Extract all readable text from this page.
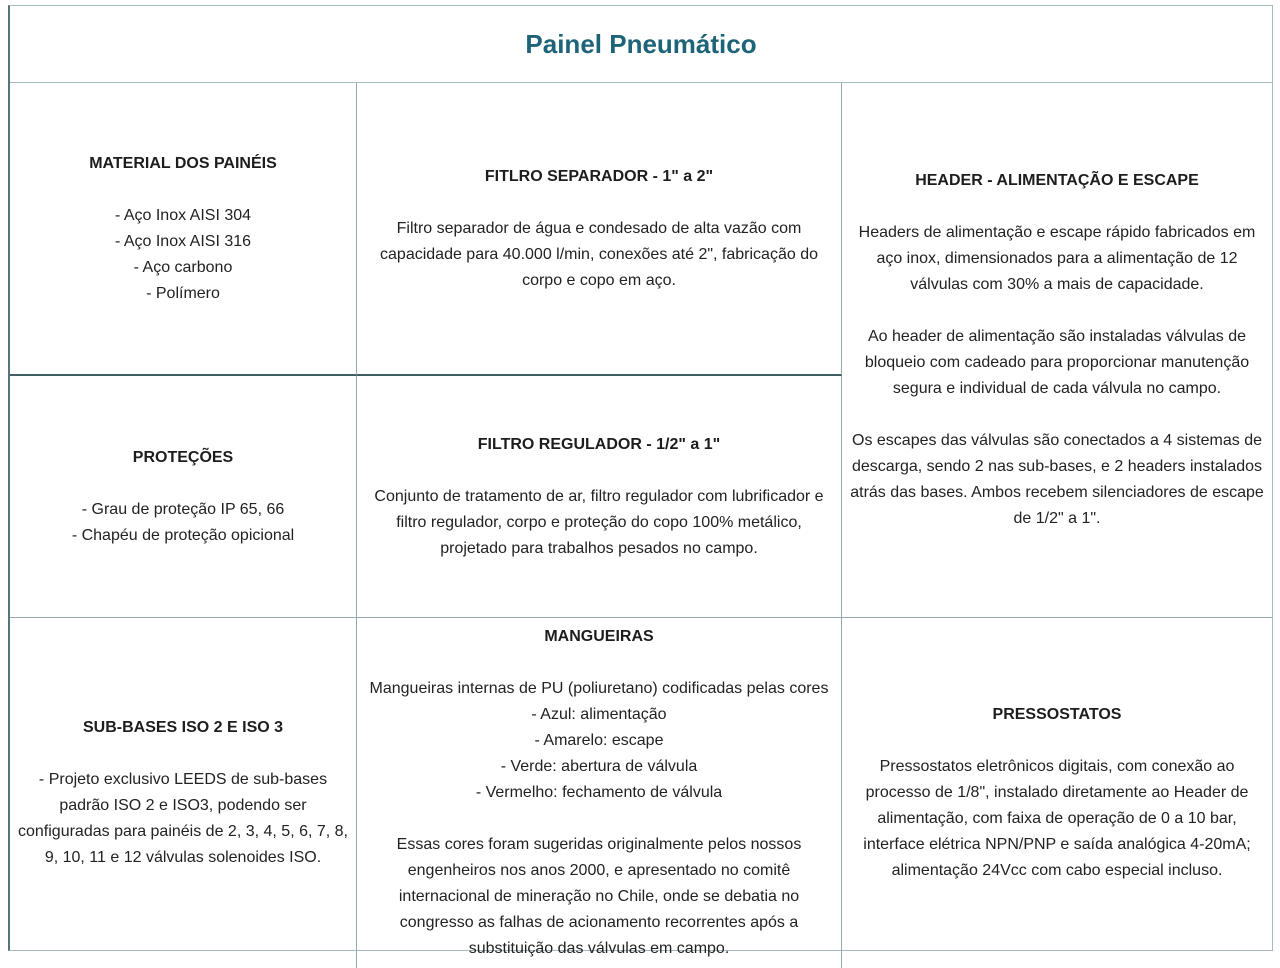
Painel Pneumático
MATERIAL DOS PAINÉIS
- Aço Inox AISI 304
- Aço Inox AISI 316
- Aço carbono
- Polímero
FITLRO SEPARADOR - 1" a 2"

Filtro separador de água e condesado de alta vazão com capacidade para 40.000 l/min, conexões até 2", fabricação do corpo e copo em aço.

HEADER - ALIMENTAÇÃO E ESCAPE

Headers de alimentação e escape rápido fabricados em aço inox, dimensionados para a alimentação de 12 válvulas com 30% a mais de capacidade.

Ao header de alimentação são instaladas válvulas de bloqueio com cadeado para proporcionar manutenção segura e individual de cada válvula no campo.

Os escapes das válvulas são conectados a 4 sistemas de descarga, sendo 2 nas sub-bases, e 2 headers instalados atrás das bases. Ambos recebem silenciadores de escape de 1/2" a 1".

PROTEÇÕES
- Grau de proteção IP 65, 66
- Chapéu de proteção opicional
FILTRO REGULADOR - 1/2" a 1"

Conjunto de tratamento de ar, filtro regulador com lubrificador e filtro regulador, corpo e proteção do copo 100% metálico, projetado para trabalhos pesados no campo.

SUB-BASES ISO 2 E ISO 3

- Projeto exclusivo LEEDS de sub-bases padrão ISO 2 e ISO3, podendo ser configuradas para painéis de 2, 3, 4, 5, 6, 7, 8, 9, 10, 11 e 12 válvulas solenoides ISO.

MANGUEIRAS

Mangueiras internas de PU (poliuretano) codificadas pelas cores

- Azul: alimentação
- Amarelo: escape
- Verde: abertura de válvula
- Vermelho: fechamento de válvula

Essas cores foram sugeridas originalmente pelos nossos engenheiros nos anos 2000, e apresentado no comitê internacional de mineração no Chile, onde se debatia no congresso as falhas de acionamento recorrentes após a substituição das válvulas em campo.

PRESSOSTATOS

Pressostatos eletrônicos digitais, com conexão ao processo de 1/8", instalado diretamente ao Header de alimentação, com faixa de operação de 0 a 10 bar, interface elétrica NPN/PNP e saída analógica 4-20mA; alimentação 24Vcc com cabo especial incluso.
